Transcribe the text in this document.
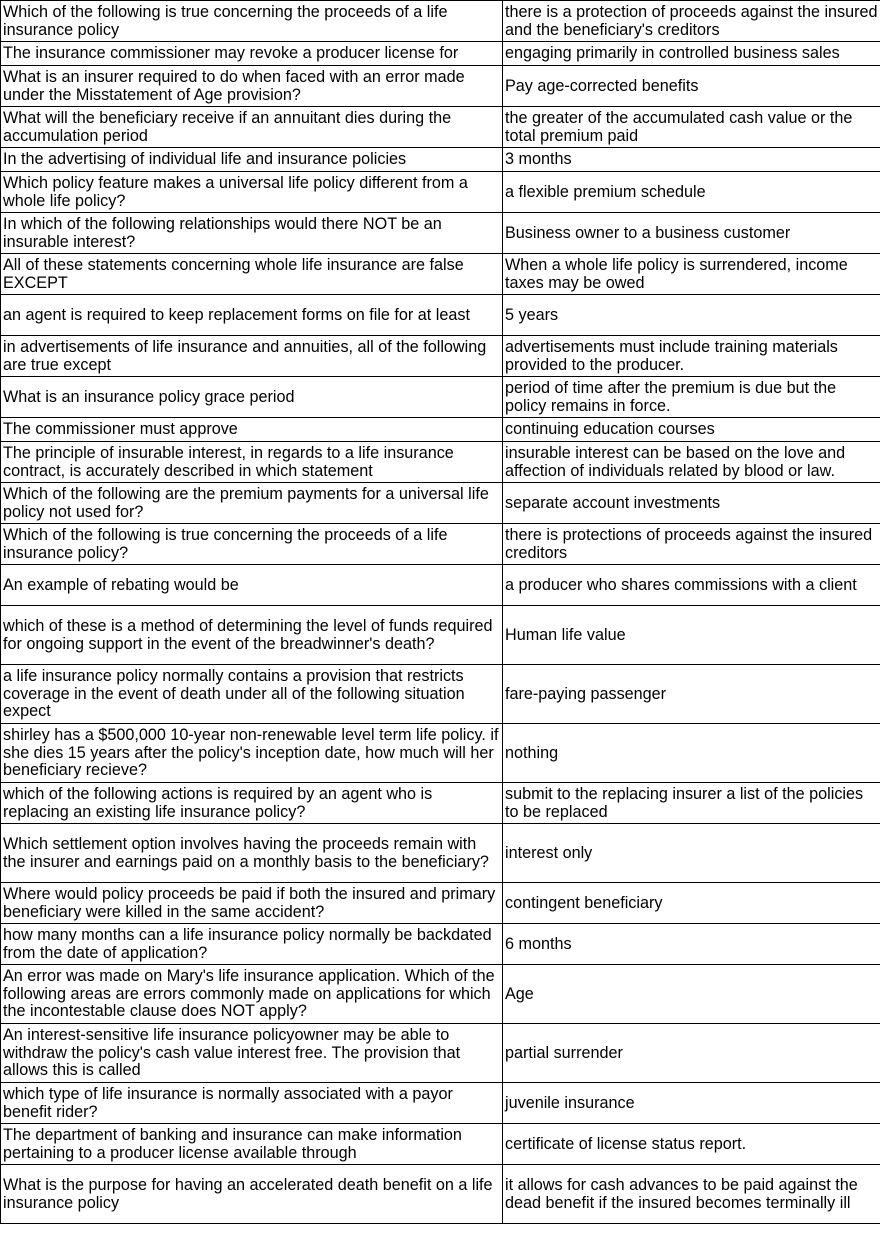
Which of the following is true concerning the proceeds of a life insurance policy	there is a protection of proceeds against the insured and the beneficiary's creditors
The insurance commissioner may revoke a producer license for	engaging primarily in controlled business sales
What is an insurer required to do when faced with an error made under the Misstatement of Age provision?	Pay age-corrected benefits
What will the beneficiary receive if an annuitant dies during the accumulation period	the greater of the accumulated cash value or the total premium paid
In the advertising of individual life and insurance policies	3 months
Which policy feature makes a universal life policy different from a whole life policy?	a flexible premium schedule
In which of the following relationships would there NOT be an insurable interest?	Business owner to a business customer
All of these statements concerning whole life insurance are false EXCEPT	When a whole life policy is surrendered, income taxes may be owed
an agent is required to keep replacement forms on file for at least	5 years
in advertisements of life insurance and annuities, all of the following are true except	advertisements must include training materials provided to the producer.
What is an insurance policy grace period	period of time after the premium is due but the policy remains in force.
The commissioner must approve	continuing education courses
The principle of insurable interest, in regards to a life insurance contract, is accurately described in which statement	insurable interest can be based on the love and affection of individuals related by blood or law.
Which of the following are the premium payments for a universal life policy not used for?	separate account investments
Which of the following is true concerning the proceeds of a life insurance policy?	there is protections of proceeds against the insured creditors
An example of rebating would be	a producer who shares commissions with a client
which of these is a method of determining the level of funds required for ongoing support in the event of the breadwinner's death?	Human life value
a life insurance policy normally contains a provision that restricts coverage in the event of death under all of the following situation expect	fare-paying passenger
shirley has a $500,000 10-year non-renewable level term life policy. if she dies 15 years after the policy's inception date, how much will her beneficiary recieve?	nothing
which of the following actions is required by an agent who is replacing an existing life insurance policy?	submit to the replacing insurer a list of the policies to be replaced
Which settlement option involves having the proceeds remain with the insurer and earnings paid on a monthly basis to the beneficiary?	interest only
Where would policy proceeds be paid if both the insured and primary beneficiary were killed in the same accident?	contingent beneficiary
how many months can a life insurance policy normally be backdated from the date of application?	6 months
An error was made on Mary's life insurance application. Which of the following areas are errors commonly made on applications for which the incontestable clause does NOT apply?	Age
An interest-sensitive life insurance policyowner may be able to withdraw the policy's cash value interest free. The provision that allows this is called	partial surrender
which type of life insurance is normally associated with a payor benefit rider?	juvenile insurance
The department of banking and insurance can make information pertaining to a producer license available through	certificate of license status report.
What is the purpose for having an accelerated death benefit on a life insurance policy	it allows for cash advances to be paid against the dead benefit if the insured becomes terminally ill
